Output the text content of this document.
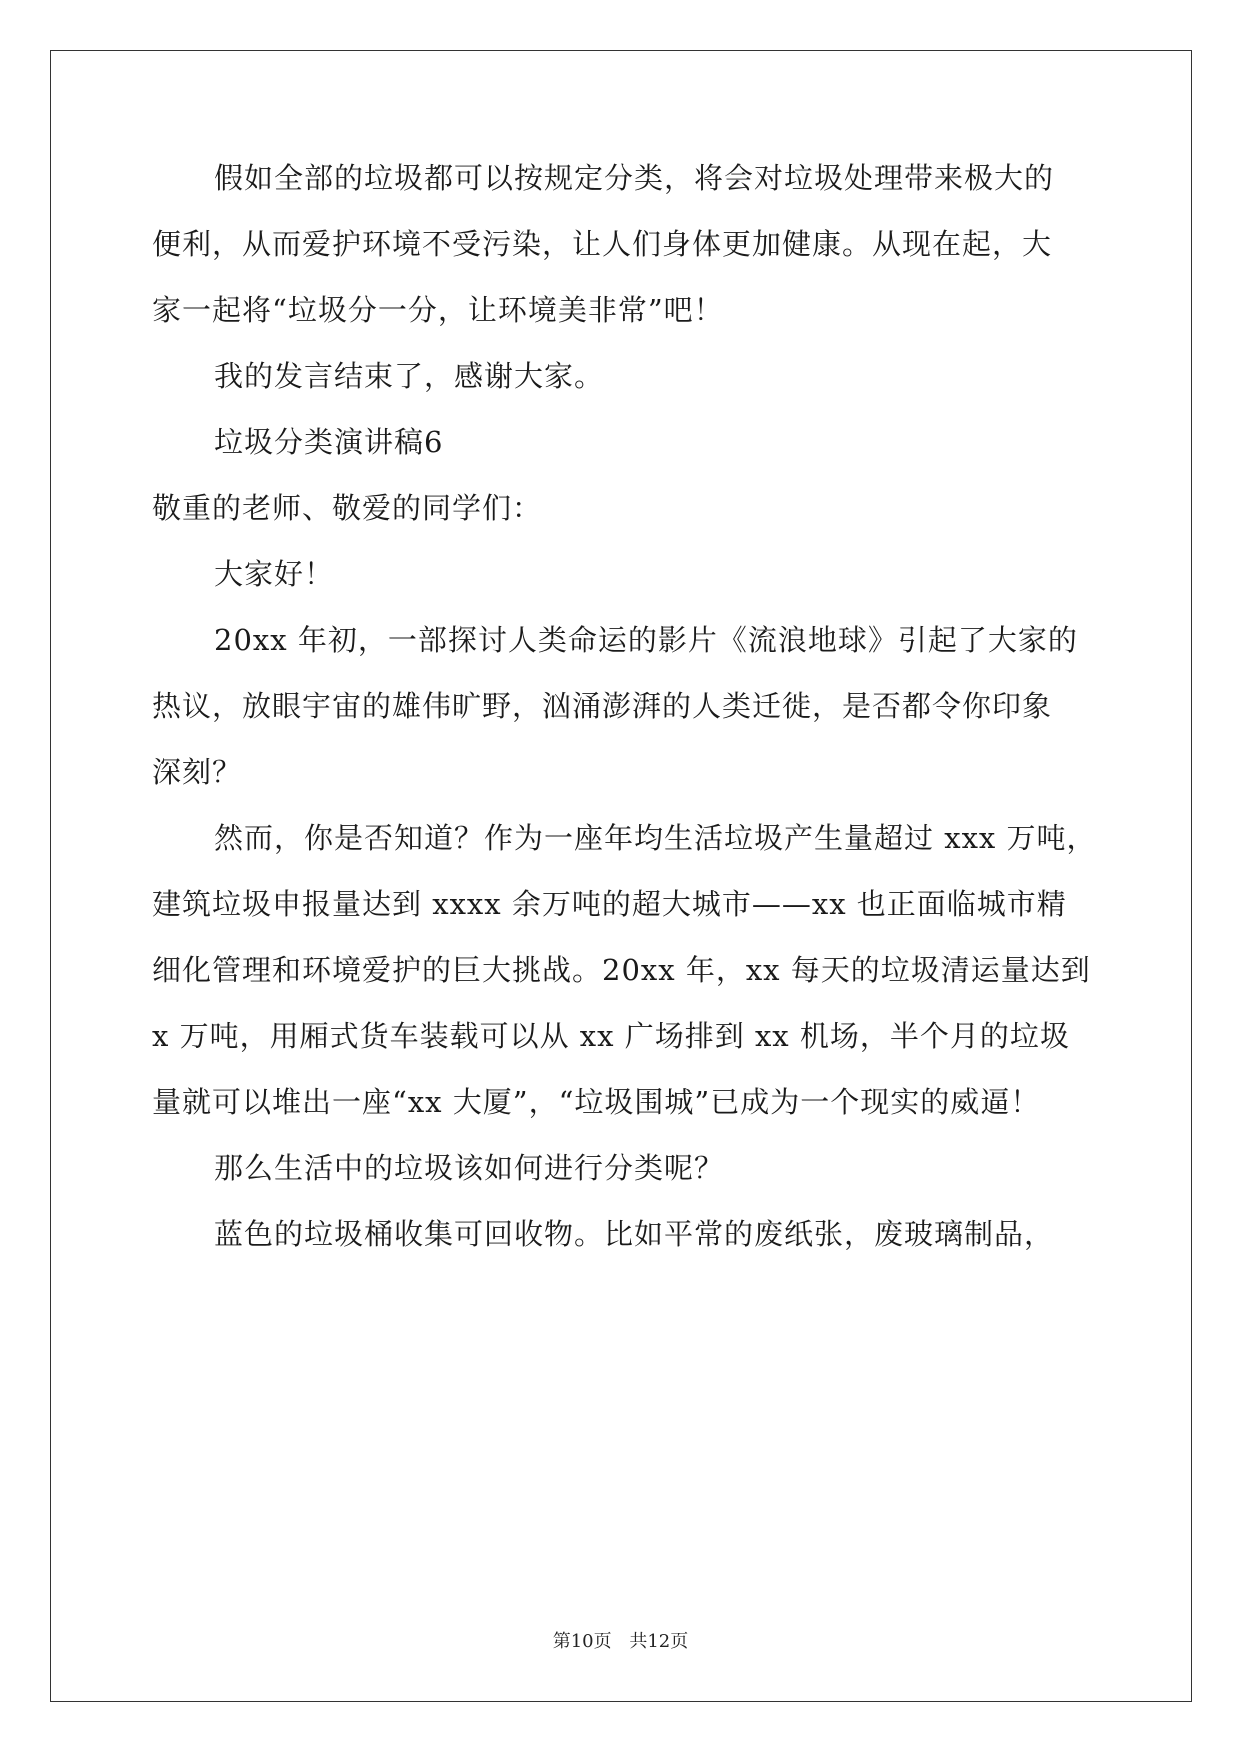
假如全部的垃圾都可以按规定分类，将会对垃圾处理带来极大的
便利，从而爱护环境不受污染，让人们身体更加健康。从现在起，大
家一起将“垃圾分一分，让环境美非常”吧！
我的发言结束了，感谢大家。
垃圾分类演讲稿6
敬重的老师、敬爱的同学们：
大家好！
20xx 年初，一部探讨人类命运的影片《流浪地球》引起了大家的
热议，放眼宇宙的雄伟旷野，汹涌澎湃的人类迁徙，是否都令你印象
深刻？
然而，你是否知道？作为一座年均生活垃圾产生量超过 xxx 万吨，
建筑垃圾申报量达到 xxxx 余万吨的超大城市——xx 也正面临城市精
细化管理和环境爱护的巨大挑战。20xx 年，xx 每天的垃圾清运量达到
x 万吨，用厢式货车装载可以从 xx 广场排到 xx 机场，半个月的垃圾
量就可以堆出一座“xx 大厦”，“垃圾围城”已成为一个现实的威逼！
那么生活中的垃圾该如何进行分类呢？
蓝色的垃圾桶收集可回收物。比如平常的废纸张，废玻璃制品，
第10页 共12页
